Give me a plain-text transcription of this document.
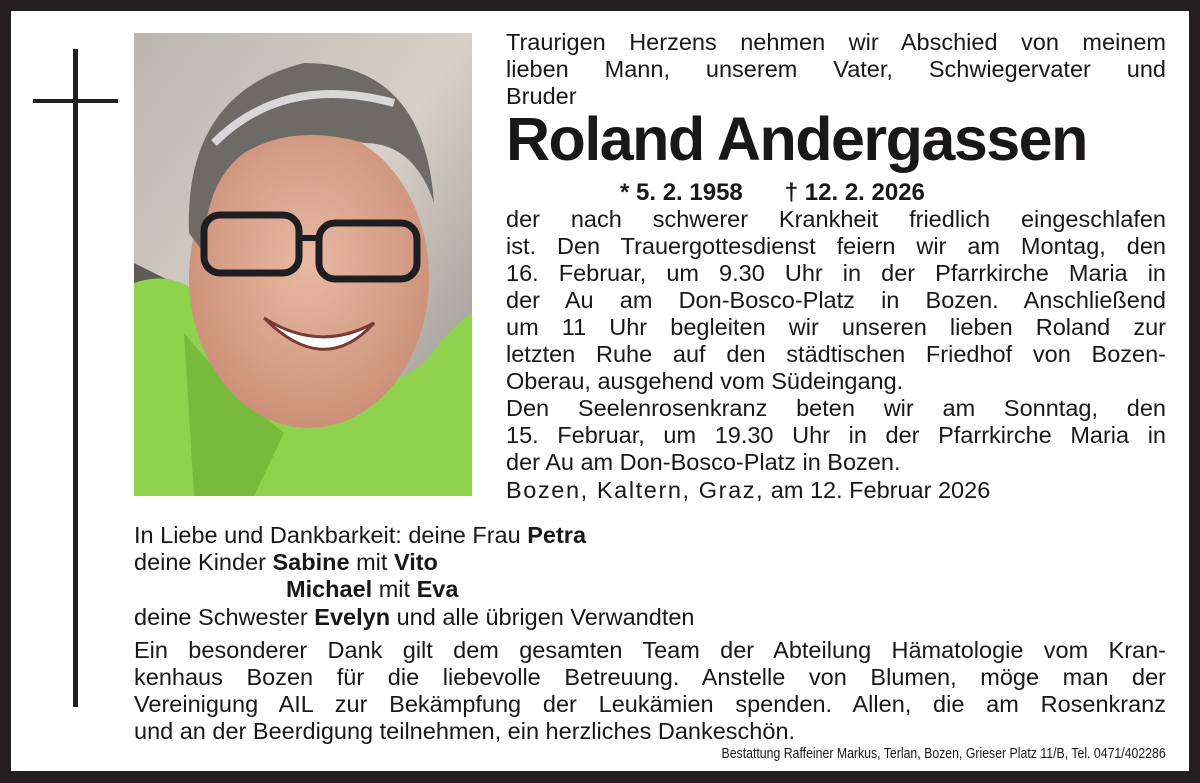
Traurigen Herzens nehmen wir Abschied von meinem
lieben Mann, unserem Vater, Schwiegervater und
Bruder
Roland Andergassen
* 5. 2. 1958 † 12. 2. 2026
der nach schwerer Krankheit friedlich eingeschlafen
ist. Den Trauergottesdienst feiern wir am Montag, den
16. Februar, um 9.30 Uhr in der Pfarrkirche Maria in
der Au am Don-Bosco-Platz in Bozen. Anschließend
um 11 Uhr begleiten wir unseren lieben Roland zur
letzten Ruhe auf den städtischen Friedhof von Bozen-
Oberau, ausgehend vom Südeingang.
Den Seelenrosenkranz beten wir am Sonntag, den
15. Februar, um 19.30 Uhr in der Pfarrkirche Maria in
der Au am Don-Bosco-Platz in Bozen.
Bozen, Kaltern, Graz, am 12. Februar 2026
In Liebe und Dankbarkeit: deine Frau Petra
deine Kinder Sabine mit Vito
Michael mit Eva
deine Schwester Evelyn und alle übrigen Verwandten
Ein besonderer Dank gilt dem gesamten Team der Abteilung Hämatologie vom Kran-
kenhaus Bozen für die liebevolle Betreuung. Anstelle von Blumen, möge man der
Vereinigung AIL zur Bekämpfung der Leukämien spenden. Allen, die am Rosenkranz
und an der Beerdigung teilnehmen, ein herzliches Dankeschön.
Bestattung Raffeiner Markus, Terlan, Bozen, Grieser Platz 11/B, Tel. 0471/402286
